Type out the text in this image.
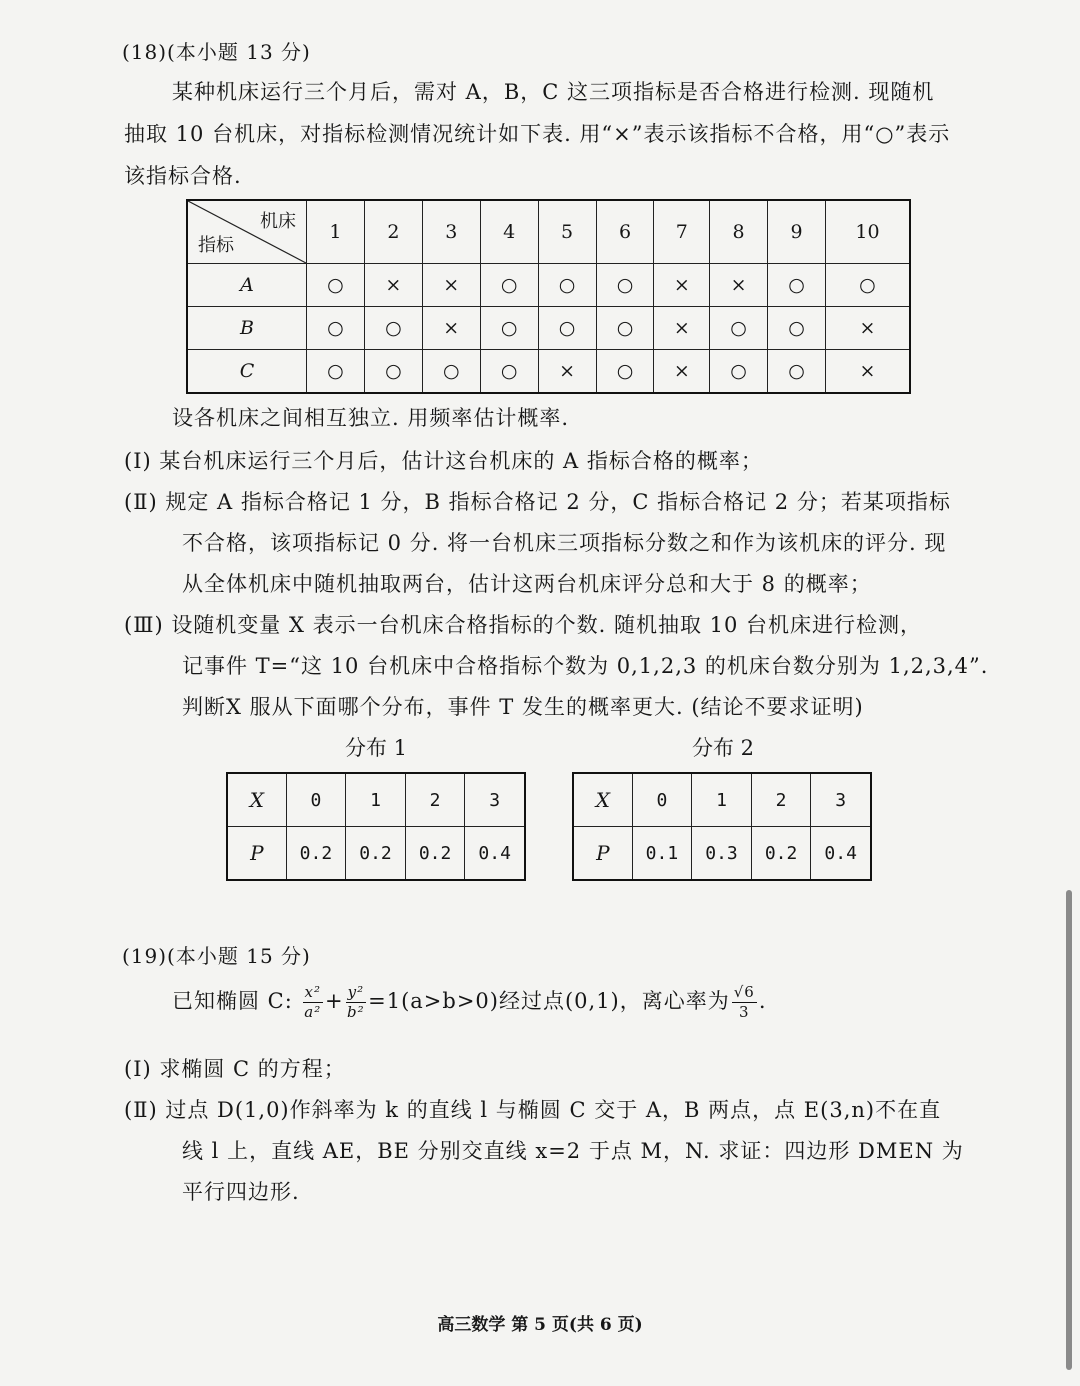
(18)(本小题 13 分)
某种机床运行三个月后，需对 A，B，C 这三项指标是否合格进行检测. 现随机
抽取 10 台机床，对指标检测情况统计如下表. 用“×”表示该指标不合格，用“○”表示
该指标合格.
机床
指标	1	2	3	4	5	6	7	8	9	10
A	○	×	×	○	○	○	×	×	○	○
B	○	○	×	○	○	○	×	○	○	×
C	○	○	○	○	×	○	×	○	○	×
设各机床之间相互独立. 用频率估计概率.
(Ⅰ) 某台机床运行三个月后，估计这台机床的 A 指标合格的概率；
(Ⅱ) 规定 A 指标合格记 1 分，B 指标合格记 2 分，C 指标合格记 2 分；若某项指标
不合格，该项指标记 0 分. 将一台机床三项指标分数之和作为该机床的评分. 现
从全体机床中随机抽取两台，估计这两台机床评分总和大于 8 的概率；
(Ⅲ) 设随机变量 X 表示一台机床合格指标的个数. 随机抽取 10 台机床进行检测，
记事件 T=“这 10 台机床中合格指标个数为 0,1,2,3 的机床台数分别为 1,2,3,4”.
判断X 服从下面哪个分布，事件 T 发生的概率更大. (结论不要求证明)
分布 1	分布 2
X	0	1	2	3
P	0.2	0.2	0.2	0.4
X	0	1	2	3
P	0.1	0.3	0.2	0.4
(19)(本小题 15 分)
已知椭圆 C: $\frac{\text{x²}}{\text{a²}} + \frac{\text{y²}}{\text{b²}} =1(a>b>0)$经过点(0,1)，离心率为 $\frac{√6}{3}$ .
(Ⅰ) 求椭圆 C 的方程；
(Ⅱ) 过点 D(1,0)作斜率为 k 的直线 l 与椭圆 C 交于 A，B 两点，点 E(3,n)不在直
线 l 上，直线 AE，BE 分别交直线 x=2 于点 M，N. 求证：四边形 DMEN 为
平行四边形.
高三数学 第 5 页(共 6 页)
